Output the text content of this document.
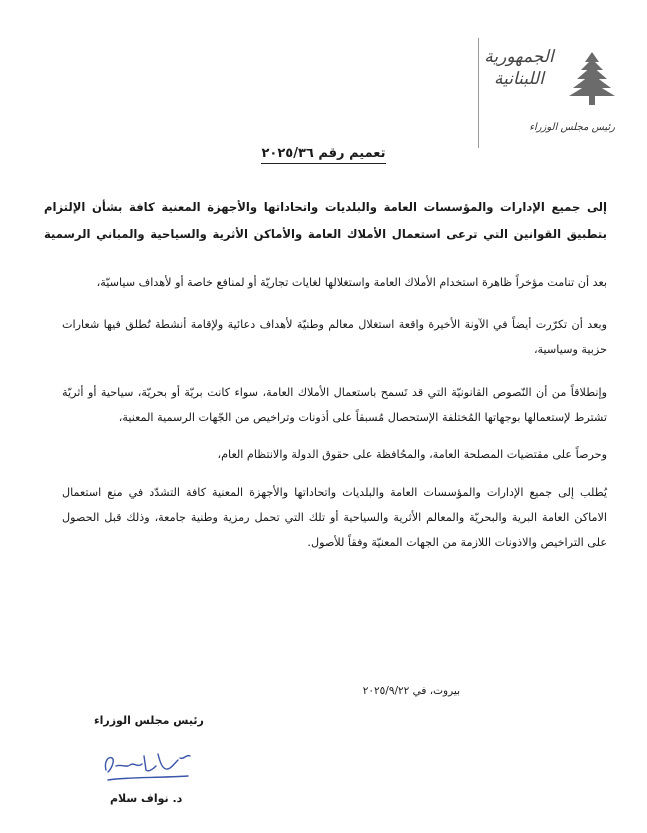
الجمهورية
اللبنانية
رئيس مجلس الوزراء
تعميم رقم ٢٠٢٥/٣٦
إلى جميع الإدارات والمؤسسات العامة والبلديات واتحاداتها والأجهزة المعنية كافة بشأن الإلتزام
بتطبيق القوانين التي ترعى استعمال الأملاك العامة والأماكن الأثرية والسياحية والمباني الرسمية

بعد أن تنامت مؤخراً ظاهرة استخدام الأملاك العامة واستغلالها لغايات تجاريّة أو لمنافع خاصة أو لأهداف سياسيّة،

وبعد أن تكرّرت أيضاً في الآونة الأخيرة واقعة استغلال معالم وطنيّة لأهداف دعائية ولإقامة أنشطة تُطلق فيها شعارات حزبية وسياسية،

وإنطلاقاً من أن النّصوص القانونيّة التي قد تَسمح باستعمال الأملاك العامة، سواء كانت بريّة أو بحريّة، سياحية أو أثريّة تشترط لإستعمالها بوجهاتها المُختلفة الإستحصال مُسبقاً على أذونات وتراخيص من الجّهات الرسمية المعنية،

وحرصاً على مقتضيات المصلحة العامة، والمحُافظة على حقوق الدولة والانتظام العام،

يُطلب إلى جميع الإدارات والمؤسسات العامة والبلديات واتحاداتها والأجهزة المعنية كافة التشدّد في منع استعمال الاماكن العامة البرية والبحريّة والمعالم الأثرية والسياحية أو تلك التي تحمل رمزية وطنية جامعة، وذلك قبل الحصول على التراخيص والاذونات اللازمة من الجهات المعنيّة وفقاً للأصول.

بيروت، في ٢٠٢٥/٩/٢٢
رئيس مجلس الوزراء
د. نواف سلام
